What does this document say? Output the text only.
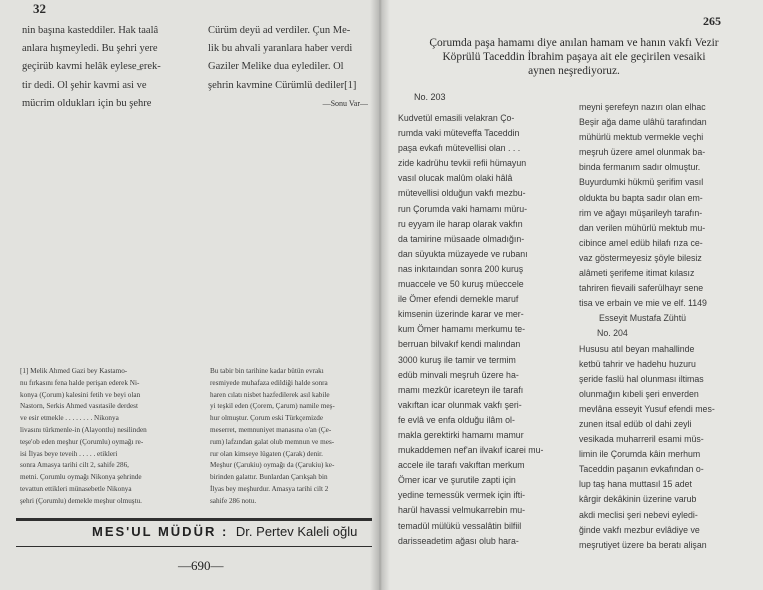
32

nin başına kasteddiler. Hak taalâ

anlara hışmeyledi. Bu şehri yere

geçirüb kavmi helâk eylese ̲erek-

tir dedi. Ol şehir kavmi asi ve

mücrim oldukları için bu şehre

Cürüm deyü ad verdiler. Çun Me-

lik bu ahvali yaranlara haber verdi

Gaziler Melike dua eylediler. Ol

şehrin kavmine Cürümlü dediler[1]

—Sonu Var—

[1] Melik Ahmed Gazi bey Kastamo-

nu fırkasını fena halde perişan ederek Ni-

konya (Çorum) kalesini fetih ve beyi olan

Nastorn, Serkis Ahmed vasıtasile derdest

ve esir etmekle . . . . . . . . Nikonya

livasını türkmenle-in (Alayontlu) nesilinden

teşe'ob eden meşhur (Çorumlu) oymağı re-

isi İlyas beye teveih . . . . . etikleri

sonra Amasya tarihi cilt 2, sahife 286,

metni. Çorumlu oymağı Nikonya şehrinde

tevattun ettikleri münasebetle Nikonya

şehri (Çorumlu) demekle meşhur olmuştu.

Bu tabir bin tarihine kadar bütün evrakı

resmiyede muhafaza edildiği halde sonra

haren cılatı nisbet hazfedilerek asıl kabile

yi teşkil eden (Çorem, Çarum) namile meş-

hur olmuştur. Çorum eski Türkçemizde

meserret, memnuniyet manasına o'an (Çe-

rum) lafzından galat olub memnun ve mes-

rur olan kimseye lügaten (Çarak) denir.

Meşhur (Çarukiu) oymağı da (Çarukiu) ke-

birinden galattır. Bunlardan Çarıkşah bin

İlyas bey meşhurdur. Amasya tarihi cilt 2

sahife 286 notu.

MES'UL MÜDÜR : Dr. Pertev Kaleli oğlu
—690—
265

Çorumda paşa hamamı diye anılan hamam ve hanın vakfı Vezir

Köprülü Taceddin İbrahim paşaya ait ele geçirilen vesaiki

aynen neşrediyoruz.

No. 203

Kudvetül emasili velakran Ço-

rumda vaki müteveffa Taceddin

paşa evkafı mütevellisi olan . . .

zide kadrühu tevkii refii hümayun

vasıl olucak malûm olaki hâlâ

mütevellisi olduğun vakfı mezbu-

run Çorumda vaki hamamı müru-

ru eyyam ile harap olarak vakfın

da tamirine müsaade olmadığın-

dan süyukta müzayede ve rubanı

nas inkıtaından sonra 200 kuruş

muaccele ve 50 kuruş müeccele

ile Ömer efendi demekle maruf

kimsenin üzerinde karar ve mer-

kum Ömer hamamı merkumu te-

berruan bilvakıf kendi malından

3000 kuruş ile tamir ve termim

edüb minvali meşruh üzere ha-

mamı mezkûr icareteyn ile tarafı

vakıftan icar olunmak vakfı şeri-

fe evlâ ve enfa olduğu ilâm ol-

makla gerektirki hamamı mamur

mukaddemen nef'an ilvakıf icarei mu-

accele ile tarafı vakıftan merkum

Ömer icar ve şurutile zapti için

yedine temessük vermek için ifti-

harül havassi velmukarrebin mu-

temadül mülükü vessalâtin bilfiil

darisseadetim ağası olub hara-

meyni şerefeyn nazırı olan elhac

Beşir ağa dame ulâhü tarafından

mühürlü mektub vermekle veçhi

meşruh üzere amel olunmak ba-

binda fermanım sadır olmuştur.

Buyurdumki hükmü şerifim vasıl

oldukta bu bapta sadır olan em-

rim ve ağayı müşarileyh tarafın-

dan verilen mühürlü mektub mu-

cibince amel edüb hilafı rıza ce-

vaz göstermeyesiz şöyle bilesiz

alâmeti şerifeme itimat kılasız

tahriren fievaili saferülhayr sene

tisa ve erbain ve mie ve elf. 1149

Esseyit Mustafa Zühtü

No. 204

Hususu atıl beyan mahallinde

ketbü tahrir ve hadehu huzuru

şeride faslü hal olunması iltimas

olunmağın kıbeli şeri enverden

mevlâna esseyit Yusuf efendi mes-

zunen itsal edüb ol dahi zeyli

vesikada muharreril esami müs-

limin ile Çorumda kâin merhum

Taceddin paşanın evkafından o-

lup taş hana muttasıl 15 adet

kârgir dekâkinin üzerine varub

akdi meclisi şeri nebevi eyledi-

ğinde vakfı mezbur evlâdiye ve

meşrutiyet üzere ba beratı alişan
